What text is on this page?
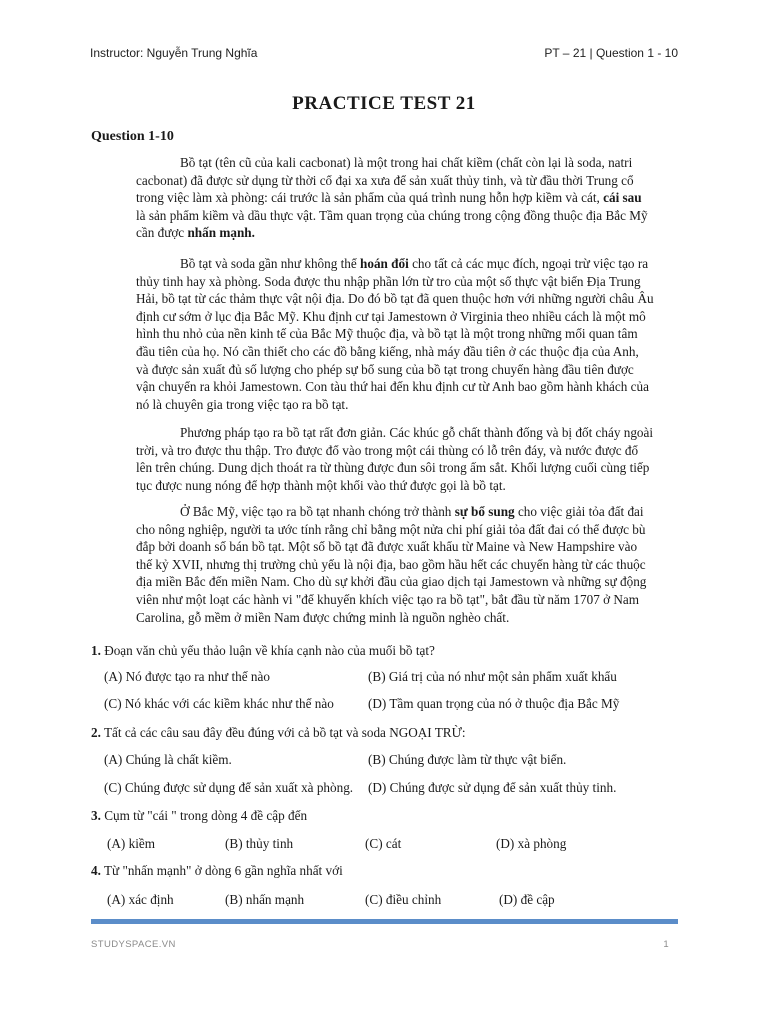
Instructor: Nguyễn Trung Nghĩa	PT – 21 | Question 1 - 10
PRACTICE TEST 21
Question 1-10
Bồ tạt (tên cũ của kali cacbonat) là một trong hai chất kiềm (chất còn lại là soda, natri
cacbonat) đã được sử dụng từ thời cổ đại xa xưa để sản xuất thủy tinh, và từ đầu thời Trung cổ
trong việc làm xà phòng: cái trước là sản phẩm của quá trình nung hỗn hợp kiềm và cát, cái sau
là sản phẩm kiềm và dầu thực vật. Tầm quan trọng của chúng trong cộng đồng thuộc địa Bắc Mỹ
cần được nhấn mạnh.
Bồ tạt và soda gần như không thể hoán đổi cho tất cả các mục đích, ngoại trừ việc tạo ra
thủy tinh hay xà phòng. Soda được thu nhập phần lớn từ tro của một số thực vật biển Địa Trung
Hải, bồ tạt từ các thảm thực vật nội địa. Do đó bồ tạt đã quen thuộc hơn với những người châu Âu
định cư sớm ở lục địa Bắc Mỹ. Khu định cư tại Jamestown ở Virginia theo nhiều cách là một mô
hình thu nhỏ của nền kinh tế của Bắc Mỹ thuộc địa, và bồ tạt là một trong những mối quan tâm
đầu tiên của họ. Nó cần thiết cho các đồ bằng kiếng, nhà máy đầu tiên ở các thuộc địa của Anh,
và được sản xuất đủ số lượng cho phép sự bổ sung của bồ tạt trong chuyến hàng đầu tiên được
vận chuyển ra khỏi Jamestown. Con tàu thứ hai đến khu định cư từ Anh bao gồm hành khách của
nó là chuyên gia trong việc tạo ra bồ tạt.
Phương pháp tạo ra bồ tạt rất đơn giản. Các khúc gỗ chất thành đống và bị đốt cháy ngoài
trời, và tro được thu thập. Tro được đổ vào trong một cái thùng có lỗ trên đáy, và nước được đổ
lên trên chúng. Dung dịch thoát ra từ thùng được đun sôi trong ấm sắt. Khối lượng cuối cùng tiếp
tục được nung nóng để hợp thành một khối vào thứ được gọi là bồ tạt.
Ở Bắc Mỹ, việc tạo ra bồ tạt nhanh chóng trở thành sự bổ sung cho việc giải tỏa đất đai
cho nông nghiệp, người ta ước tính rằng chỉ bằng một nửa chi phí giải tỏa đất đai có thể được bù
đắp bởi doanh số bán bồ tạt. Một số bồ tạt đã được xuất khẩu từ Maine và New Hampshire vào
thế kỷ XVII, nhưng thị trường chủ yếu là nội địa, bao gồm hầu hết các chuyến hàng từ các thuộc
địa miền Bắc đến miền Nam. Cho dù sự khởi đầu của giao dịch tại Jamestown và những sự động
viên như một loạt các hành vi "để khuyến khích việc tạo ra bồ tạt", bắt đầu từ năm 1707 ở Nam
Carolina, gỗ mềm ở miền Nam được chứng minh là nguồn nghèo chất.
1. Đoạn văn chủ yếu thảo luận về khía cạnh nào của muối bồ tạt?
(A) Nó được tạo ra như thế nào	(B) Giá trị của nó như một sản phẩm xuất khẩu
(C) Nó khác với các kiềm khác như thế nào	(D) Tầm quan trọng của nó ở thuộc địa Bắc Mỹ
2. Tất cả các câu sau đây đều đúng với cả bồ tạt và soda NGOẠI TRỪ:
(A) Chúng là chất kiềm.	(B) Chúng được làm từ thực vật biển.
(C) Chúng được sử dụng để sản xuất xà phòng. (D) Chúng được sử dụng để sản xuất thủy tinh.
3. Cụm từ "cái " trong dòng 4 đề cập đến
(A) kiềm	(B) thủy tinh	(C) cát	(D) xà phòng
4. Từ "nhấn mạnh" ở dòng 6 gần nghĩa nhất với
(A) xác định	(B) nhấn mạnh	(C) điều chỉnh	(D) đề cập
STUDYSPACE.VN	1
